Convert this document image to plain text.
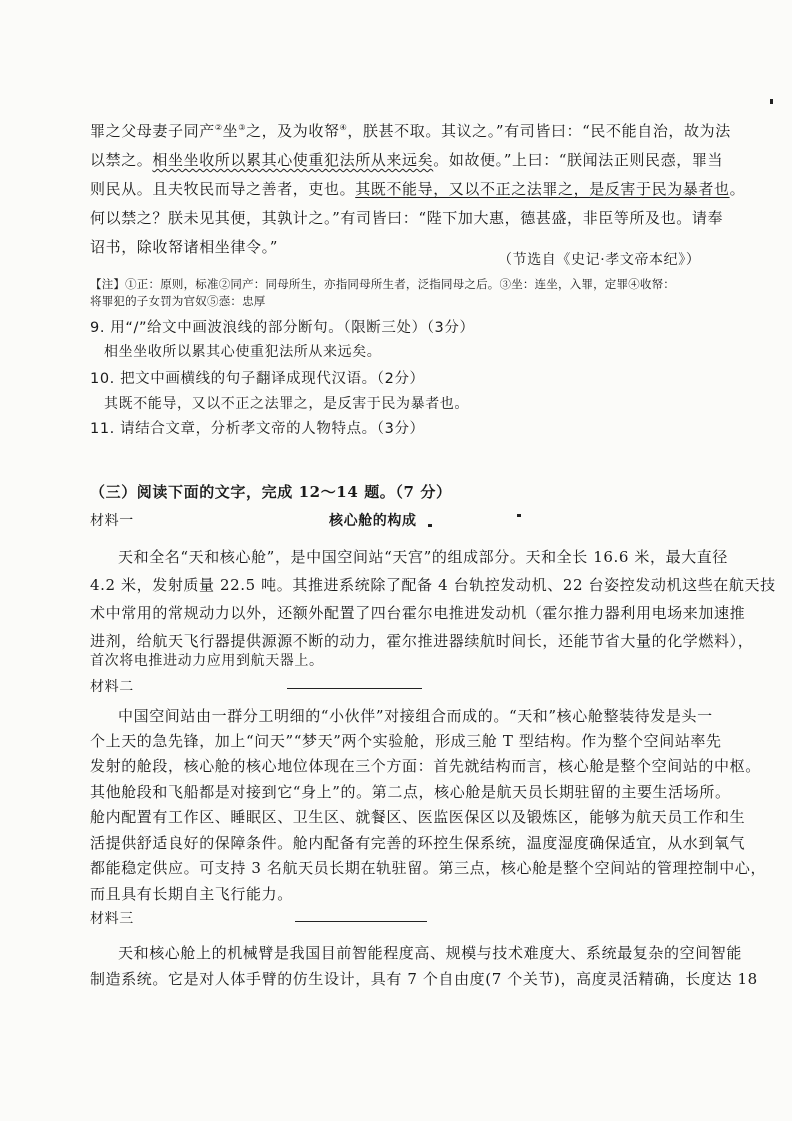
罪之父母妻子同产②坐③之，及为收帑④，朕甚不取。其议之。”有司皆曰：“民不能自治，故为法
以禁之。相坐坐收所以累其心使重犯法所从来远矣。如故便。”上曰：“朕闻法正则民悫，罪当
则民从。且夫牧民而导之善者，吏也。其既不能导，又以不正之法罪之，是反害于民为暴者也。
何以禁之？朕未见其便，其孰计之。”有司皆曰：“陛下加大惠，德甚盛，非臣等所及也。请奉
诏书，除收帑诸相坐律令。”
（节选自《史记·孝文帝本纪》）
【注】①正：原则，标准②同产：同母所生，亦指同母所生者，泛指同母之后。③坐：连坐，入罪，定罪④收帑：
将罪犯的子女罚为官奴⑤悫：忠厚
9. 用“/”给文中画波浪线的部分断句。（限断三处）（3分）
相坐坐收所以累其心使重犯法所从来远矣。
10. 把文中画横线的句子翻译成现代汉语。（2分）
其既不能导，又以不正之法罪之，是反害于民为暴者也。
11. 请结合文章，分析孝文帝的人物特点。（3分）
（三）阅读下面的文字，完成 12～14 题。（7 分）
材料一	核心舱的构成
天和全名“天和核心舱”，是中国空间站“天宫”的组成部分。天和全长 16.6 米，最大直径
4.2 米，发射质量 22.5 吨。其推进系统除了配备 4 台轨控发动机、22 台姿控发动机这些在航天技
术中常用的常规动力以外，还额外配置了四台霍尔电推进发动机（霍尔推力器利用电场来加速推
进剂，给航天飞行器提供源源不断的动力，霍尔推进器续航时间长，还能节省大量的化学燃料），
首次将电推进动力应用到航天器上。
材料二
中国空间站由一群分工明细的“小伙伴”对接组合而成的。“天和”核心舱整装待发是头一
个上天的急先锋，加上“问天”“梦天”两个实验舱，形成三舱 T 型结构。作为整个空间站率先
发射的舱段，核心舱的核心地位体现在三个方面：首先就结构而言，核心舱是整个空间站的中枢。
其他舱段和飞船都是对接到它“身上”的。第二点，核心舱是航天员长期驻留的主要生活场所。
舱内配置有工作区、睡眠区、卫生区、就餐区、医监医保区以及锻炼区，能够为航天员工作和生
活提供舒适良好的保障条件。舱内配备有完善的环控生保系统，温度湿度确保适宜，从水到氧气
都能稳定供应。可支持 3 名航天员长期在轨驻留。第三点，核心舱是整个空间站的管理控制中心，
而且具有长期自主飞行能力。
材料三
天和核心舱上的机械臂是我国目前智能程度高、规模与技术难度大、系统最复杂的空间智能
制造系统。它是对人体手臂的仿生设计，具有 7 个自由度(7 个关节)，高度灵活精确，长度达 18
